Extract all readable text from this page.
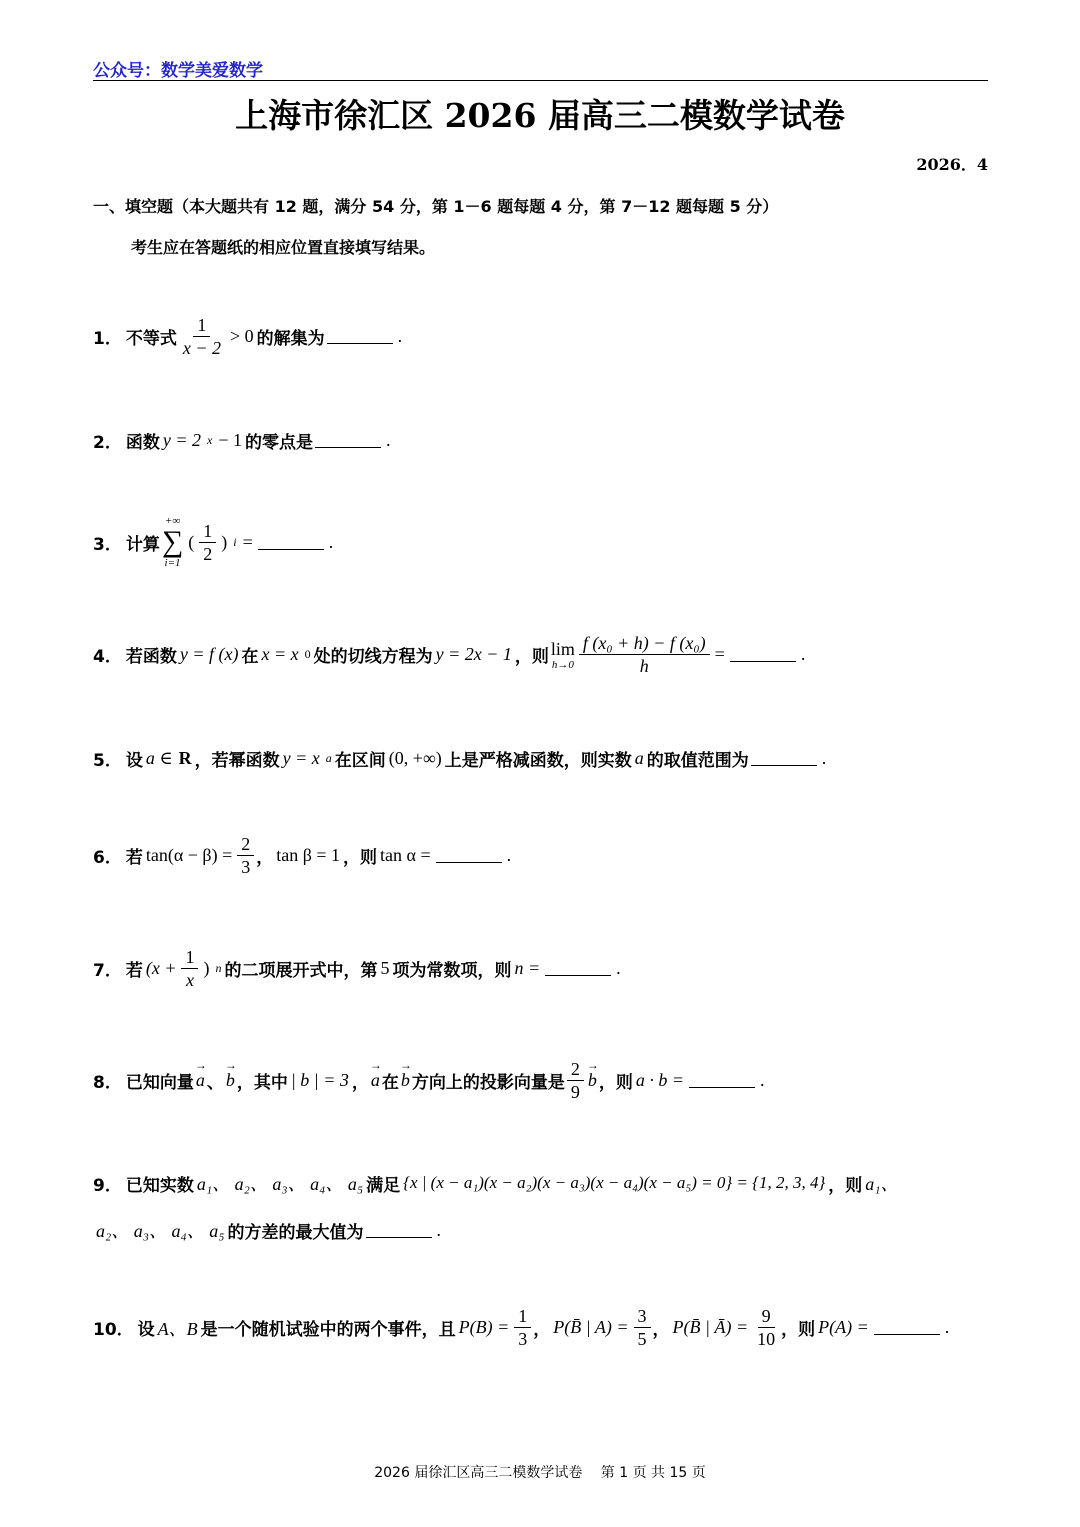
公众号：数学美爱数学
上海市徐汇区 2026 届高三二模数学试卷
2026．4
一、填空题（本大题共有 12 题，满分 54 分，第 1－6 题每题 4 分，第 7－12 题每题 5 分）
考生应在答题纸的相应位置直接填写结果。
1． 不等式 $\frac{1}{x - 2} > 0$ 的解集为	.
2． 函数 y = 2 x − 1 的零点是	.
3． 计算
+∞
∑
i=1
( $\frac{1}{2}$ ) i =	.
4． 若函数 y = f (x) 在 x = x 0 处的切线方程为 y = 2x − 1 ，则 lim
$h\to 0 \frac{\text{f (x₀ + h) − f (x₀)}}{h}$ =	.
5． 设 a ∈ R ，若幂函数 y = x a 在区间 (0, +∞) 上是严格减函数，则实数 a 的取值范围为	.
6． 若 $\tan(\alpha - \beta) = \frac{2}{3}$ ， tan β = 1 ，则 tan α =	.
7． 若 ($x + \frac{1}{x}$ ) n 的二项展开式中，第 5 项为常数项，则 n =	.
8． 已知向量 → a 、 → b ，其中 | b | = 3 ， → a 在 → b 方向上的投影向量是 $\frac{2}{9} \to b$ ，则 a · b =	.
9． 已知实数 a₁、 a₂、 a₃、 a₄、 a₅ 满足 {x | (x − a₁)(x − a₂)(x − a₃)(x − a₄)(x − a₅) = 0} = {1, 2, 3, 4} ，则 a₁、
a₂、 a₃、 a₄、 a₅ 的方差的最大值为	.
10． 设 A、B 是一个随机试验中的两个事件，且 $P(B) = \frac{1}{3}$ ， P(B̄ | $A) = \frac{3}{5}$ ， P(B̄ | Ā) = $\frac{9}{10}$ ，则 P(A) =	.
2026 届徐汇区高三二模数学试卷　 第 1 页 共 15 页
